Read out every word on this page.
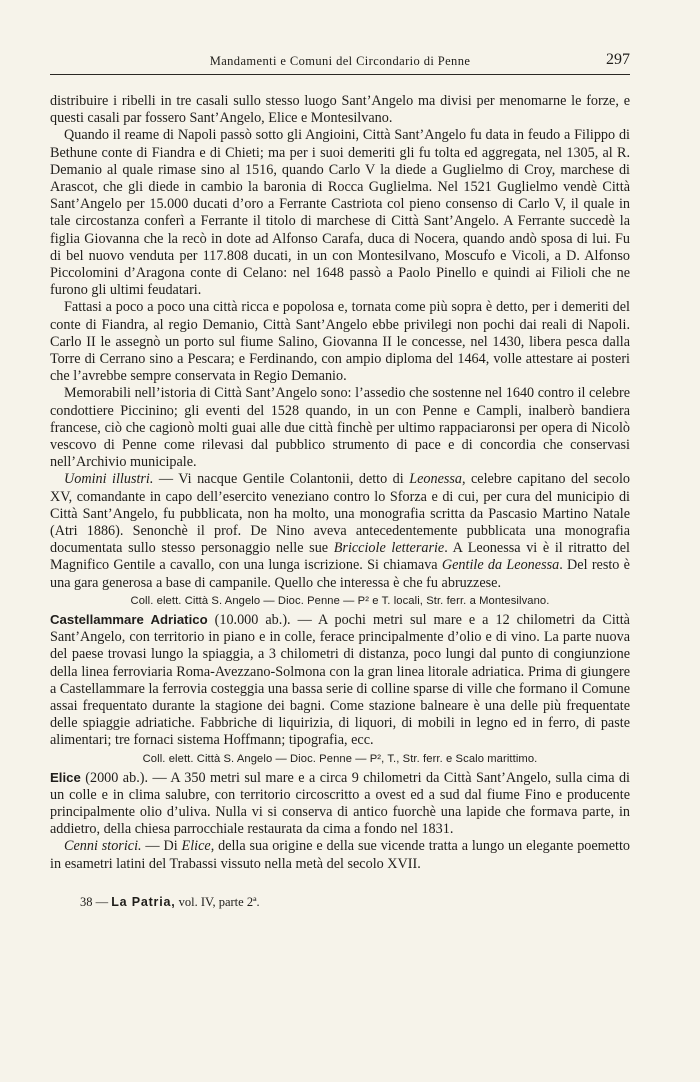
Mandamenti e Comuni del Circondario di Penne	297

distribuire i ribelli in tre casali sullo stesso luogo Sant’Angelo ma divisi per menomarne le forze, e questi casali par fossero Sant’Angelo, Elice e Montesilvano.

Quando il reame di Napoli passò sotto gli Angioini, Città Sant’Angelo fu data in feudo a Filippo di Bethune conte di Fiandra e di Chieti; ma per i suoi demeriti gli fu tolta ed aggregata, nel 1305, al R. Demanio al quale rimase sino al 1516, quando Carlo V la diede a Guglielmo di Croy, marchese di Arascot, che gli diede in cambio la baronia di Rocca Guglielma. Nel 1521 Guglielmo vendè Città Sant’Angelo per 15.000 ducati d’oro a Ferrante Castriota col pieno consenso di Carlo V, il quale in tale circostanza conferì a Ferrante il titolo di marchese di Città Sant’Angelo. A Ferrante succedè la figlia Giovanna che la recò in dote ad Alfonso Carafa, duca di Nocera, quando andò sposa di lui. Fu di bel nuovo venduta per 117.808 ducati, in un con Montesilvano, Moscufo e Vicoli, a D. Alfonso Piccolomini d’Aragona conte di Celano: nel 1648 passò a Paolo Pinello e quindi ai Filioli che ne furono gli ultimi feudatari.

Fattasi a poco a poco una città ricca e popolosa e, tornata come più sopra è detto, per i demeriti del conte di Fiandra, al regio Demanio, Città Sant’Angelo ebbe privilegi non pochi dai reali di Napoli. Carlo II le assegnò un porto sul fiume Salino, Giovanna II le concesse, nel 1430, libera pesca dalla Torre di Cerrano sino a Pescara; e Ferdinando, con ampio diploma del 1464, volle attestare ai posteri che l’avrebbe sempre conservata in Regio Demanio.

Memorabili nell’istoria di Città Sant’Angelo sono: l’assedio che sostenne nel 1640 contro il celebre condottiere Piccinino; gli eventi del 1528 quando, in un con Penne e Campli, inalberò bandiera francese, ciò che cagionò molti guai alle due città finchè per ultimo rappaciaronsi per opera di Nicolò vescovo di Penne come rilevasi dal pubblico strumento di pace e di concordia che conservasi nell’Archivio municipale.

Uomini illustri. — Vi nacque Gentile Colantonii, detto di Leonessa, celebre capitano del secolo XV, comandante in capo dell’esercito veneziano contro lo Sforza e di cui, per cura del municipio di Città Sant’Angelo, fu pubblicata, non ha molto, una monografia scritta da Pascasio Martino Natale (Atri 1886). Senonchè il prof. De Nino aveva antecedentemente pubblicata una monografia documentata sullo stesso personaggio nelle sue Bricciole letterarie. A Leonessa vi è il ritratto del Magnifico Gentile a cavallo, con una lunga iscrizione. Si chiamava Gentile da Leonessa. Del resto è una gara generosa a base di campanile. Quello che interessa è che fu abruzzese.

Coll. elett. Città S. Angelo — Dioc. Penne — P² e T. locali, Str. ferr. a Montesilvano.

Castellammare Adriatico (10.000 ab.). — A pochi metri sul mare e a 12 chilometri da Città Sant’Angelo, con territorio in piano e in colle, ferace principalmente d’olio e di vino. La parte nuova del paese trovasi lungo la spiaggia, a 3 chilometri di distanza, poco lungi dal punto di congiunzione della linea ferroviaria Roma-Avezzano-Solmona con la gran linea litorale adriatica. Prima di giungere a Castellammare la ferrovia costeggia una bassa serie di colline sparse di ville che formano il Comune assai frequentato durante la stagione dei bagni. Come stazione balneare è una delle più frequentate delle spiaggie adriatiche. Fabbriche di liquirizia, di liquori, di mobili in legno ed in ferro, di paste alimentari; tre fornaci sistema Hoffmann; tipografia, ecc.

Coll. elett. Città S. Angelo — Dioc. Penne — P², T., Str. ferr. e Scalo marittimo.

Elice (2000 ab.). — A 350 metri sul mare e a circa 9 chilometri da Città Sant’Angelo, sulla cima di un colle e in clima salubre, con territorio circoscritto a ovest ed a sud dal fiume Fino e producente principalmente olio d’uliva. Nulla vi si conserva di antico fuorchè una lapide che formava parte, in addietro, della chiesa parrocchiale restaurata da cima a fondo nel 1831.

Cenni storici. — Di Elice, della sua origine e della sue vicende tratta a lungo un elegante poemetto in esametri latini del Trabassi vissuto nella metà del secolo XVII.

38 — La Patria, vol. IV, parte 2ª.
